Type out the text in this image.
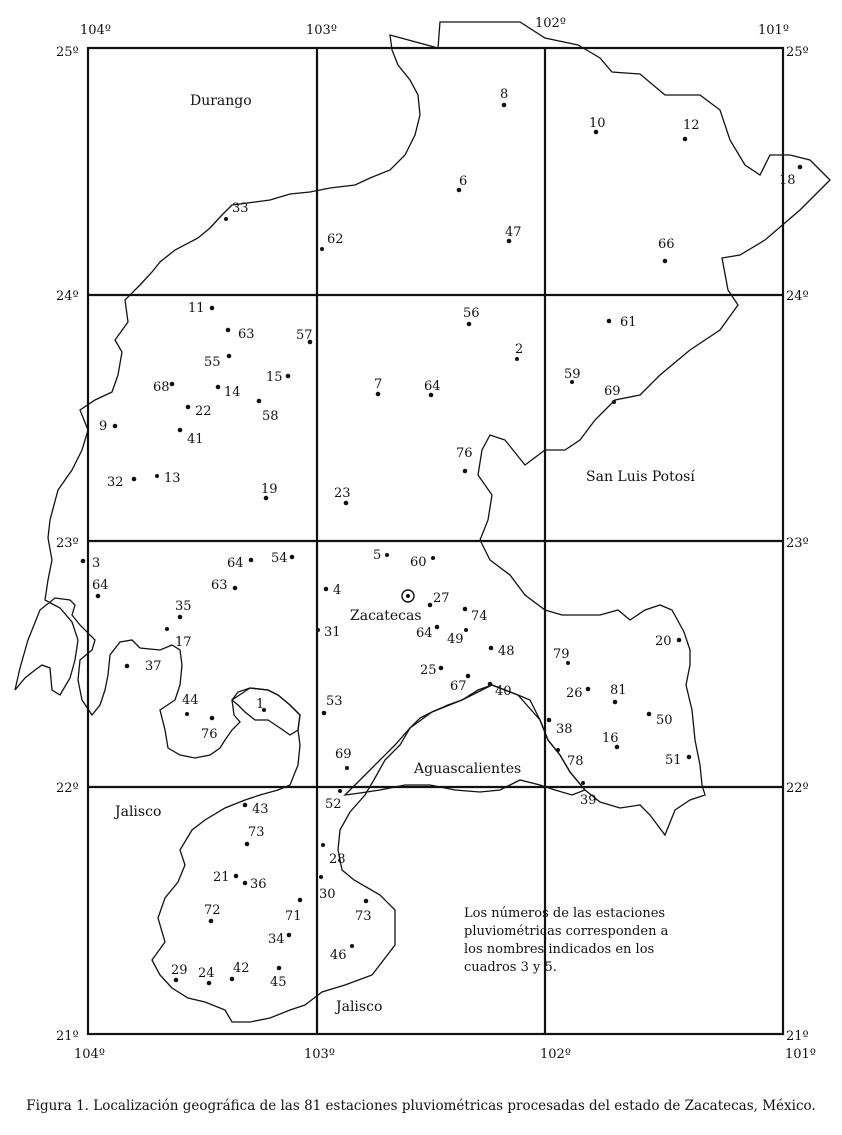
25º
24º
23º
22º
21º
25º
24º
23º
22º
21º
104º	103º	102º	101º
104º	103º	102º	101º
Durango
San Luis Potosí
Zacatecas
Aguascalientes
Jalisco
Jalisco
8
10	12
18
6
47
66
33
62
11
63	57
55
56
61
2
15
68	14
7	64
59
69
58
22
9
41
76
32	13
19	23
3
64
5 60
64 54
63	4
35
17
27
74
64 49
31
48
20
37
79
25
67 40	26 81
1
44
76
53
50
38
16
78
69	51
39
52
43
73
28
21 36
30
71	73
72
34
46
45
29 24 42
Los números de las estaciones
pluviométricas corresponden a
los nombres indicados en los
cuadros 3 y 5.
Figura 1. Localización geográfica de las 81 estaciones pluviométricas procesadas del estado de Zacatecas, México.
